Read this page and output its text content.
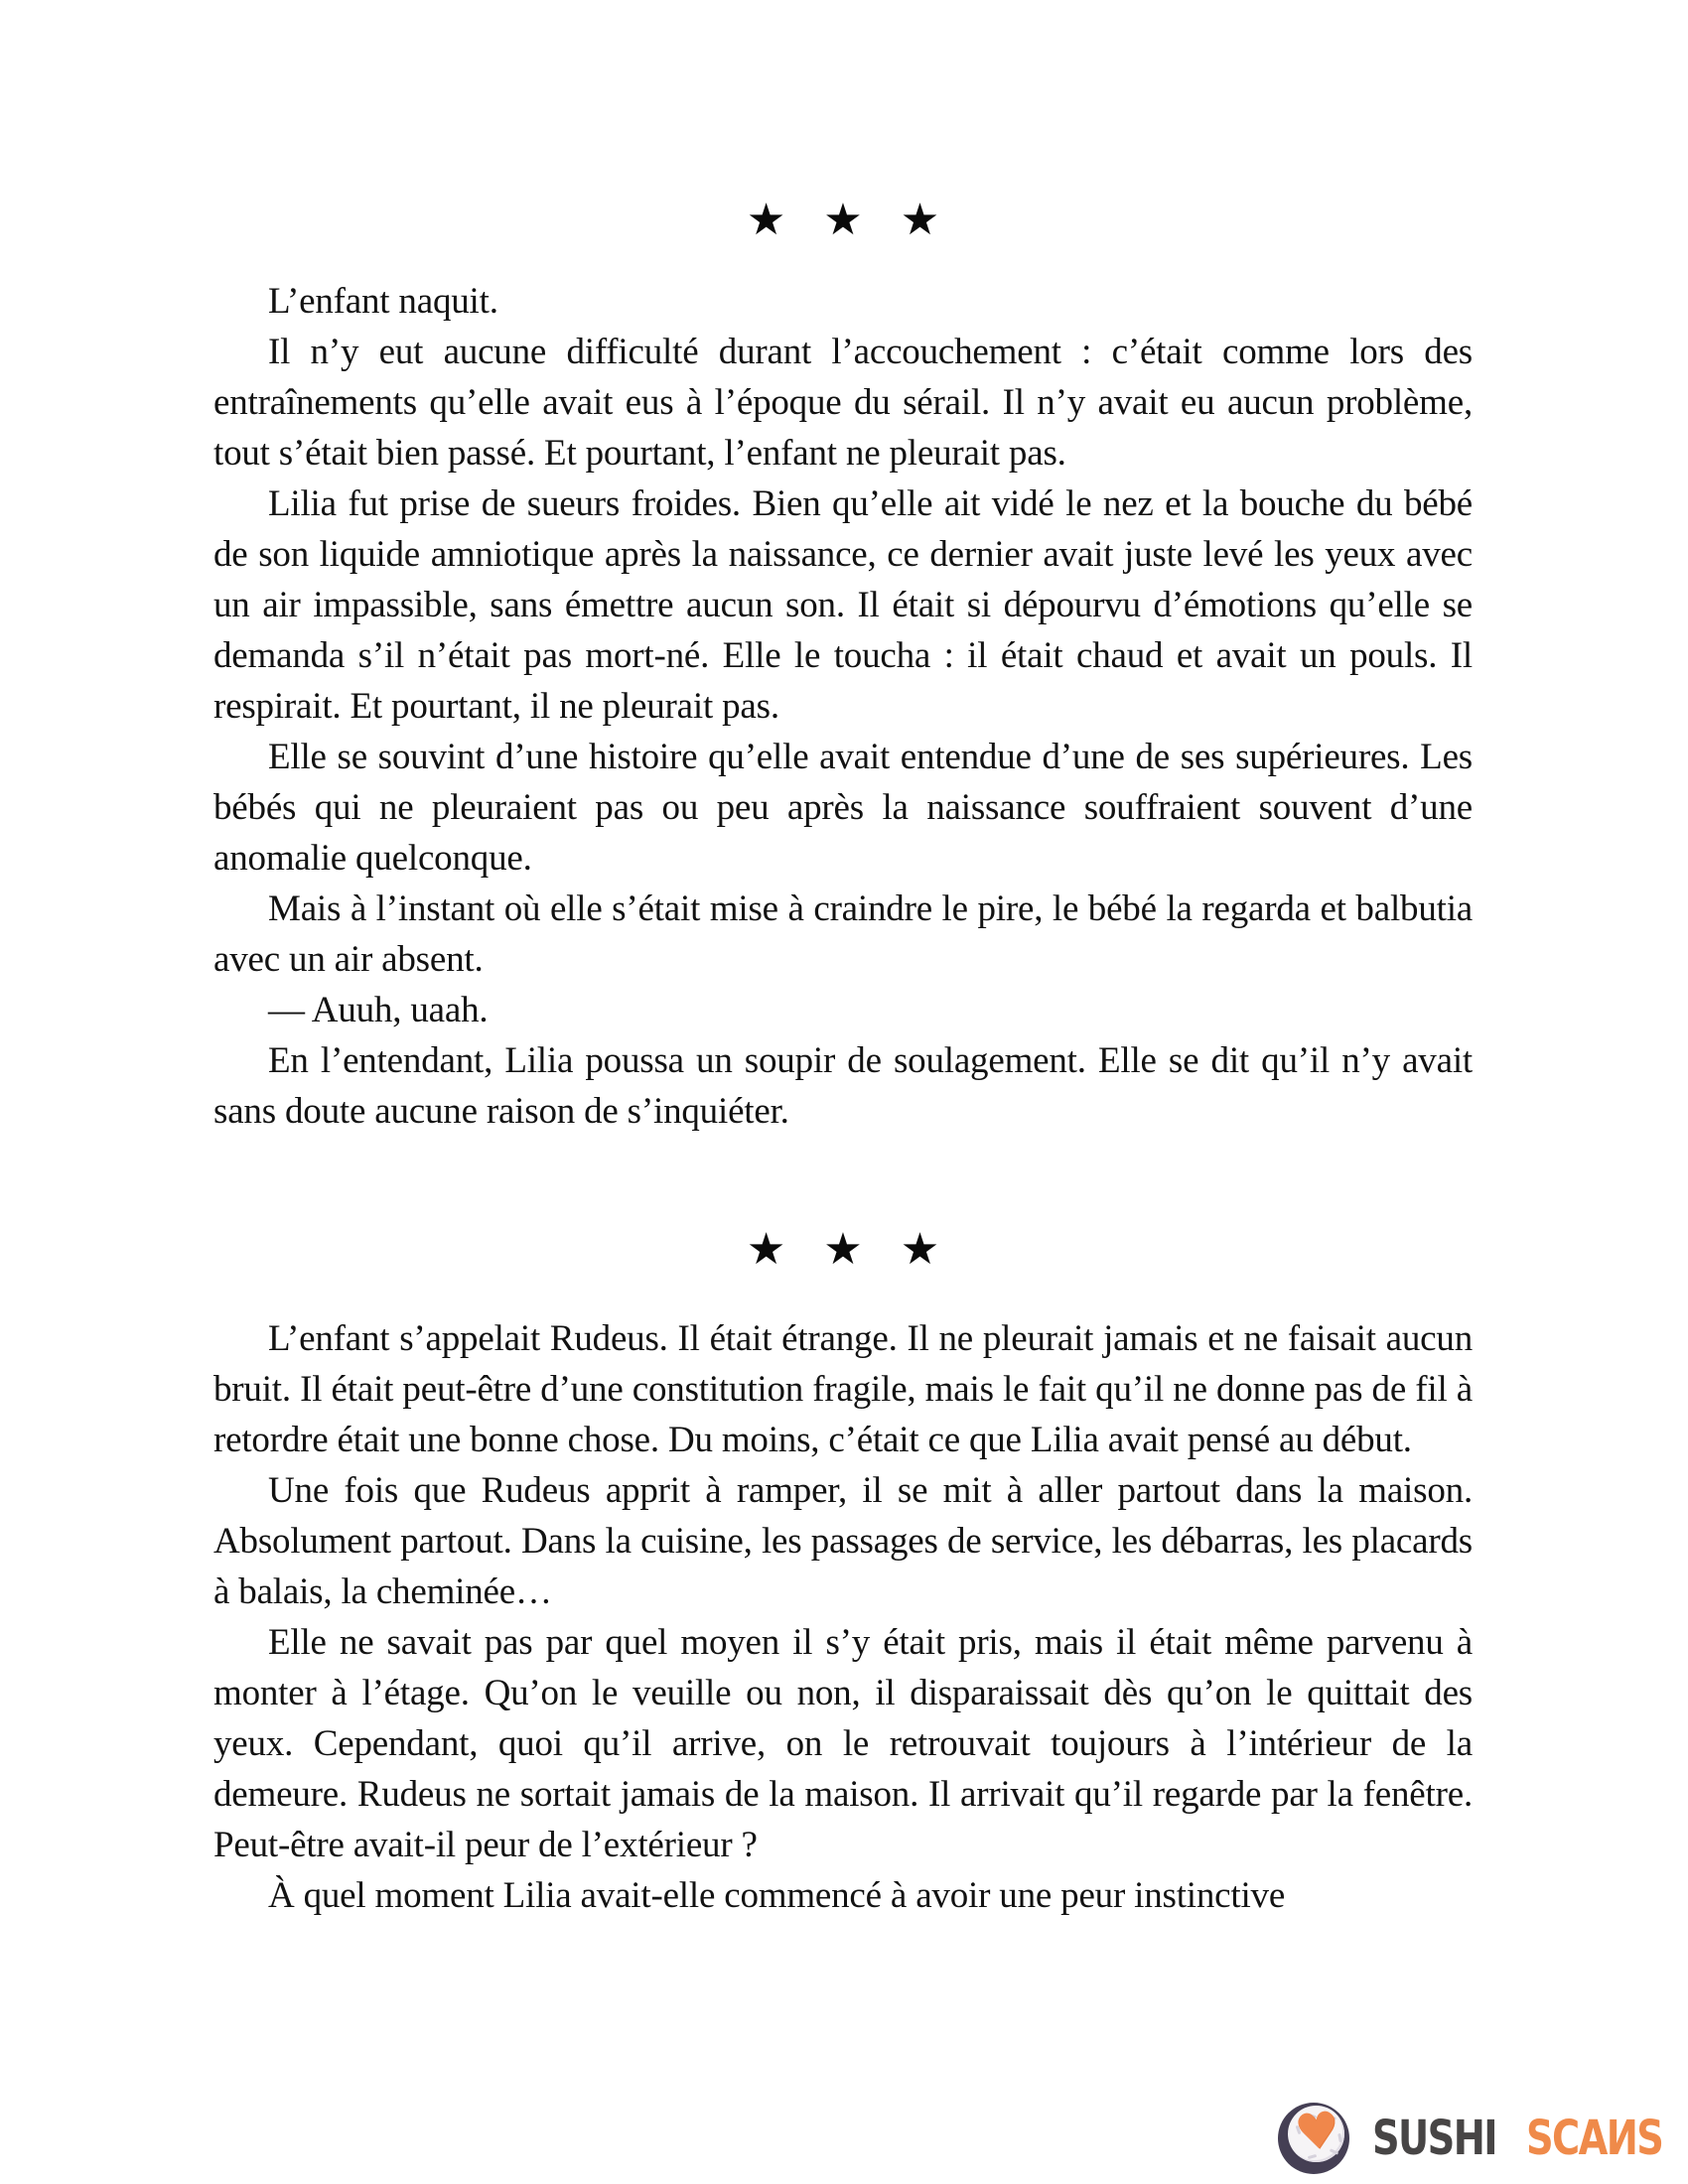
★ ★ ★

L’enfant naquit.

Il n’y eut aucune difficulté durant l’accouchement : c’était comme lors des entraînements qu’elle avait eus à l’époque du sérail. Il n’y avait eu aucun problème, tout s’était bien passé. Et pourtant, l’enfant ne pleurait pas.

Lilia fut prise de sueurs froides. Bien qu’elle ait vidé le nez et la bouche du bébé de son liquide amniotique après la naissance, ce dernier avait juste levé les yeux avec un air impassible, sans émettre aucun son. Il était si dépourvu d’émotions qu’elle se demanda s’il n’était pas mort-né. Elle le toucha : il était chaud et avait un pouls. Il respirait. Et pourtant, il ne pleurait pas.

Elle se souvint d’une histoire qu’elle avait entendue d’une de ses supérieures. Les bébés qui ne pleuraient pas ou peu après la naissance souffraient souvent d’une anomalie quelconque.

Mais à l’instant où elle s’était mise à craindre le pire, le bébé la regarda et balbutia avec un air absent.

— Auuh, uaah.

En l’entendant, Lilia poussa un soupir de soulagement. Elle se dit qu’il n’y avait sans doute aucune raison de s’inquiéter.

★ ★ ★

L’enfant s’appelait Rudeus. Il était étrange. Il ne pleurait jamais et ne faisait aucun bruit. Il était peut-être d’une constitution fragile, mais le fait qu’il ne donne pas de fil à retordre était une bonne chose. Du moins, c’était ce que Lilia avait pensé au début.

Une fois que Rudeus apprit à ramper, il se mit à aller partout dans la maison. Absolument partout. Dans la cuisine, les passages de service, les débarras, les placards à balais, la cheminée…

Elle ne savait pas par quel moyen il s’y était pris, mais il était même parvenu à monter à l’étage. Qu’on le veuille ou non, il disparaissait dès qu’on le quittait des yeux. Cependant, quoi qu’il arrive, on le retrouvait toujours à l’intérieur de la demeure. Rudeus ne sortait jamais de la maison. Il arrivait qu’il regarde par la fenêtre. Peut-être avait-il peur de l’extérieur ?

À quel moment Lilia avait-elle commencé à avoir une peur instinctive

♥ SUSHI SCAИS
